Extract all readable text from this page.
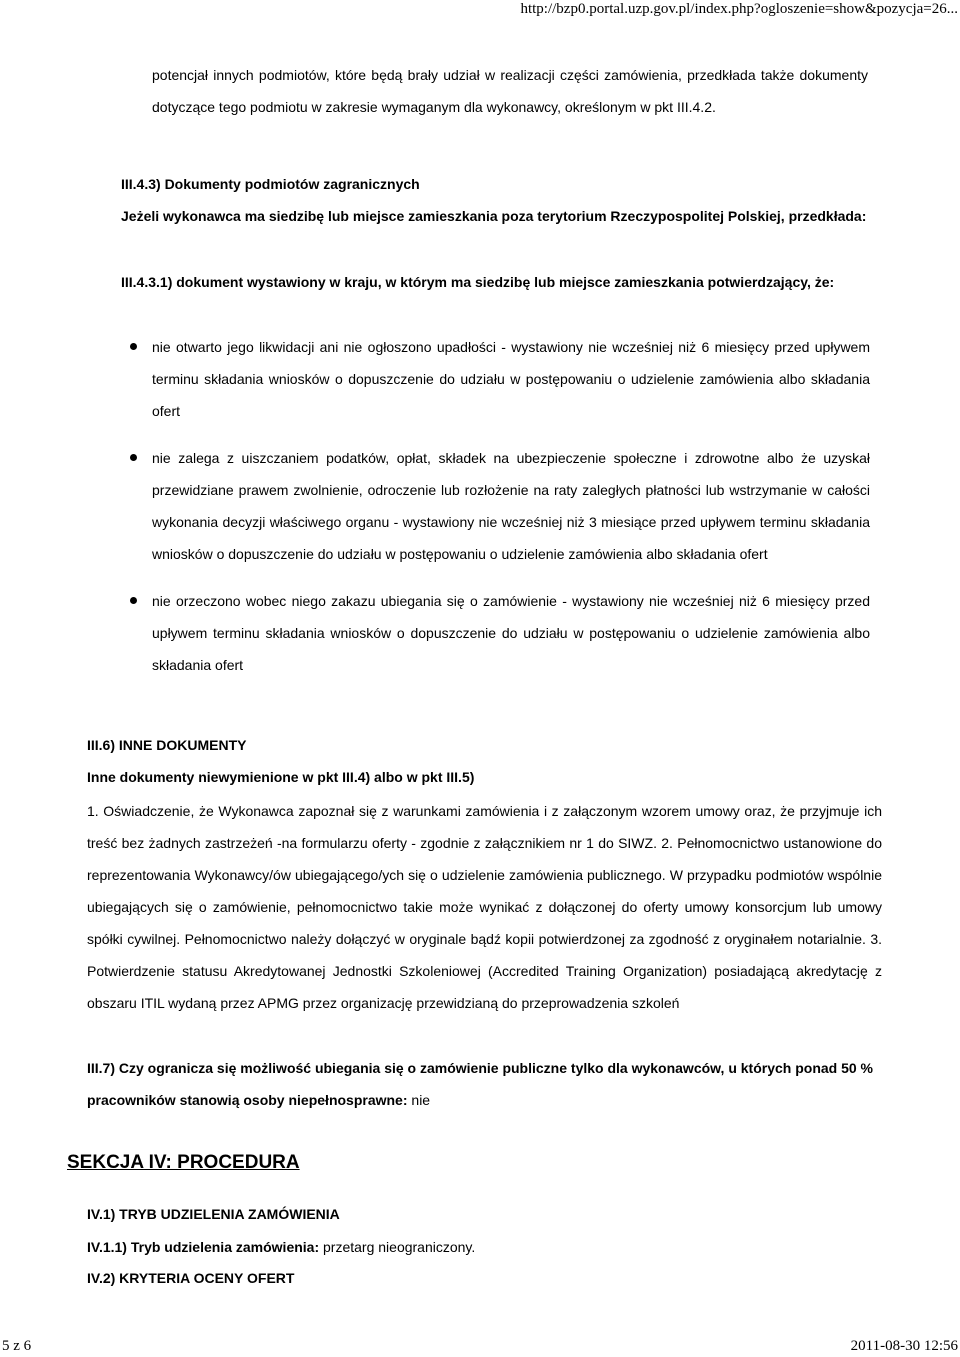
http://bzp0.portal.uzp.gov.pl/index.php?ogloszenie=show&pozycja=26...

potencjał innych podmiotów, które będą brały udział w realizacji części zamówienia, przedkłada także dokumenty dotyczące tego podmiotu w zakresie wymaganym dla wykonawcy, określonym w pkt III.4.2.

III.4.3) Dokumenty podmiotów zagranicznych

Jeżeli wykonawca ma siedzibę lub miejsce zamieszkania poza terytorium Rzeczypospolitej Polskiej, przedkłada:

III.4.3.1) dokument wystawiony w kraju, w którym ma siedzibę lub miejsce zamieszkania potwierdzający, że:

nie otwarto jego likwidacji ani nie ogłoszono upadłości - wystawiony nie wcześniej niż 6 miesięcy przed upływem terminu składania wniosków o dopuszczenie do udziału w postępowaniu o udzielenie zamówienia albo składania ofert
nie zalega z uiszczaniem podatków, opłat, składek na ubezpieczenie społeczne i zdrowotne albo że uzyskał przewidziane prawem zwolnienie, odroczenie lub rozłożenie na raty zaległych płatności lub wstrzymanie w całości wykonania decyzji właściwego organu - wystawiony nie wcześniej niż 3 miesiące przed upływem terminu składania wniosków o dopuszczenie do udziału w postępowaniu o udzielenie zamówienia albo składania ofert
nie orzeczono wobec niego zakazu ubiegania się o zamówienie - wystawiony nie wcześniej niż 6 miesięcy przed upływem terminu składania wniosków o dopuszczenie do udziału w postępowaniu o udzielenie zamówienia albo składania ofert

III.6) INNE DOKUMENTY

Inne dokumenty niewymienione w pkt III.4) albo w pkt III.5)

1. Oświadczenie, że Wykonawca zapoznał się z warunkami zamówienia i z załączonym wzorem umowy oraz, że przyjmuje ich treść bez żadnych zastrzeżeń -na formularzu oferty - zgodnie z załącznikiem nr 1 do SIWZ. 2. Pełnomocnictwo ustanowione do reprezentowania Wykonawcy/ów ubiegającego/ych się o udzielenie zamówienia publicznego. W przypadku podmiotów wspólnie ubiegających się o zamówienie, pełnomocnictwo takie może wynikać z dołączonej do oferty umowy konsorcjum lub umowy spółki cywilnej. Pełnomocnictwo należy dołączyć w oryginale bądź kopii potwierdzonej za zgodność z oryginałem notarialnie. 3. Potwierdzenie statusu Akredytowanej Jednostki Szkoleniowej (Accredited Training Organization) posiadającą akredytację z obszaru ITIL wydaną przez APMG przez organizację przewidzianą do przeprowadzenia szkoleń

III.7) Czy ogranicza się możliwość ubiegania się o zamówienie publiczne tylko dla wykonawców, u których ponad 50 % pracowników stanowią osoby niepełnosprawne: nie

SEKCJA IV: PROCEDURA

IV.1) TRYB UDZIELENIA ZAMÓWIENIA

IV.1.1) Tryb udzielenia zamówienia: przetarg nieograniczony.

IV.2) KRYTERIA OCENY OFERT

5 z 6	2011-08-30 12:56
